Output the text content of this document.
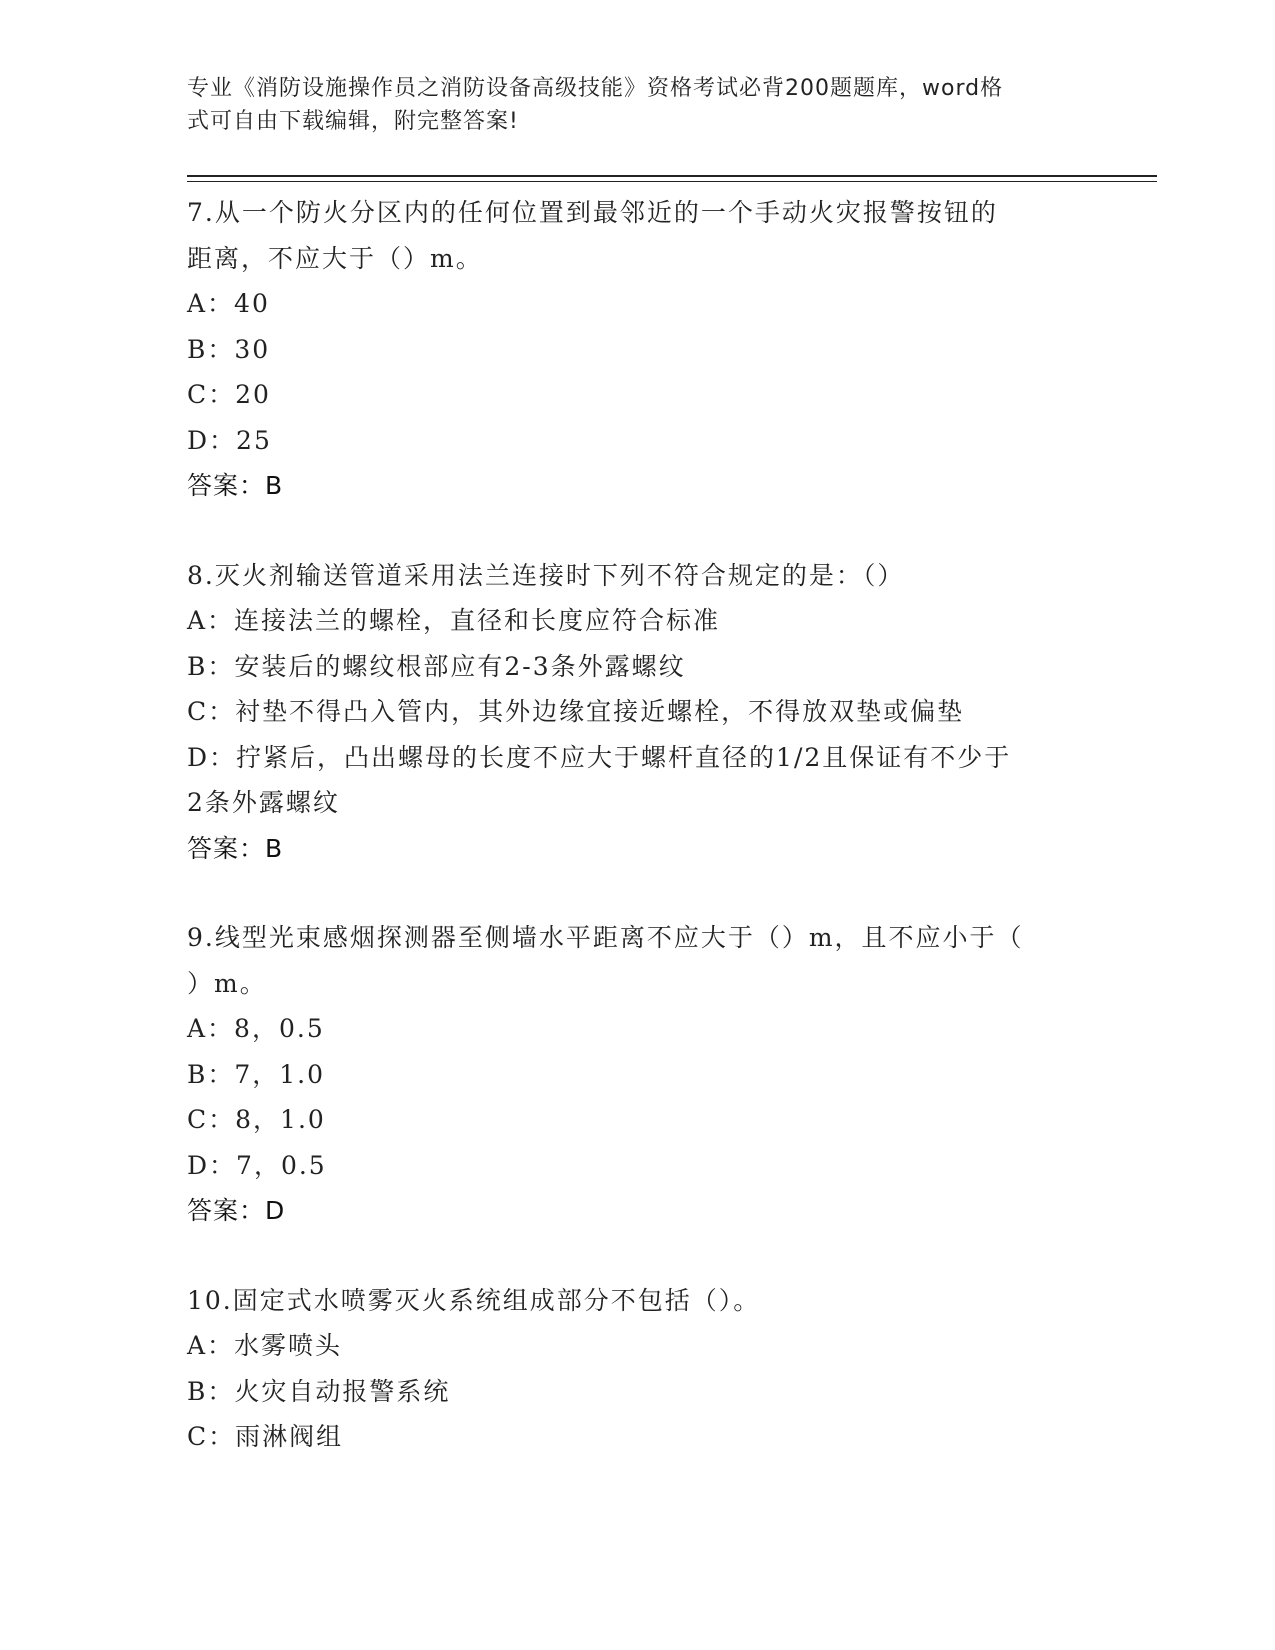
专业《消防设施操作员之消防设备高级技能》资格考试必背200题题库，word格
式可自由下载编辑，附完整答案!
7.从一个防火分区内的任何位置到最邻近的一个手动火灾报警按钮的
距离，不应大于（）m。
A：40
B：30
C：20
D：25
答案：B
8.灭火剂输送管道采用法兰连接时下列不符合规定的是：（）
A：连接法兰的螺栓，直径和长度应符合标准
B：安装后的螺纹根部应有2-3条外露螺纹
C：衬垫不得凸入管内，其外边缘宜接近螺栓，不得放双垫或偏垫
D：拧紧后，凸出螺母的长度不应大于螺杆直径的1/2且保证有不少于
2条外露螺纹
答案：B
9.线型光束感烟探测器至侧墙水平距离不应大于（）m，且不应小于（
）m。
A：8，0.5
B：7，1.0
C：8，1.0
D：7，0.5
答案：D
10.固定式水喷雾灭火系统组成部分不包括（）。
A：水雾喷头
B：火灾自动报警系统
C：雨淋阀组
